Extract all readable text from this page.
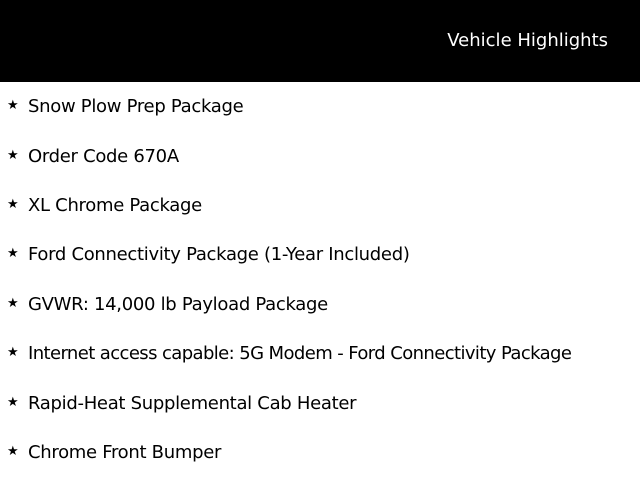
Vehicle Highlights
★ Snow Plow Prep Package
★ Order Code 670A
★ XL Chrome Package
★ Ford Connectivity Package (1-Year Included)
★ GVWR: 14,000 lb Payload Package
★ Internet access capable: 5G Modem - Ford Connectivity Package
★ Rapid-Heat Supplemental Cab Heater
★ Chrome Front Bumper
